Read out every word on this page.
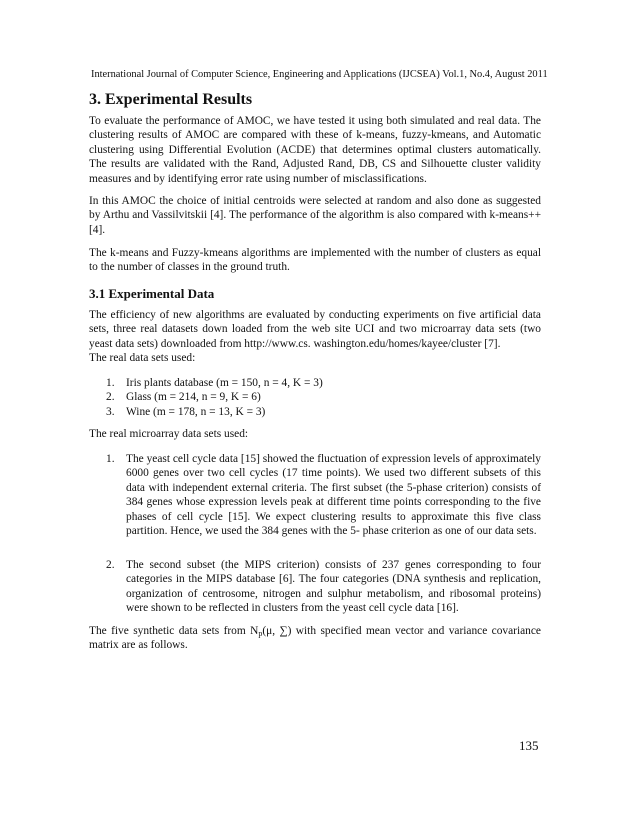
International Journal of Computer Science, Engineering and Applications (IJCSEA) Vol.1, No.4, August 2011
3. Experimental Results

To evaluate the performance of AMOC, we have tested it using both simulated and real data. The clustering results of AMOC are compared with these of k-means, fuzzy-kmeans, and Automatic clustering using Differential Evolution (ACDE) that determines optimal clusters automatically. The results are validated with the Rand, Adjusted Rand, DB, CS and Silhouette cluster validity measures and by identifying error rate using number of misclassifications.

In this AMOC the choice of initial centroids were selected at random and also done as suggested by Arthu and Vassilvitskii [4]. The performance of the algorithm is also compared with k-means++ [4].

The k-means and Fuzzy-kmeans algorithms are implemented with the number of clusters as equal to the number of classes in the ground truth.

3.1 Experimental Data

The efficiency of new algorithms are evaluated by conducting experiments on five artificial data sets, three real datasets down loaded from the web site UCI and two microarray data sets (two yeast data sets) downloaded from http://www.cs. washington.edu/homes/kayee/cluster [7].

The real data sets used:

1. Iris plants database (m = 150, n = 4, K = 3)
2. Glass (m = 214, n = 9, K = 6)
3. Wine (m = 178, n = 13, K = 3)

The real microarray data sets used:

1. The yeast cell cycle data [15] showed the fluctuation of expression levels of approximately 6000 genes over two cell cycles (17 time points). We used two different subsets of this data with independent external criteria. The first subset (the 5-phase criterion) consists of 384 genes whose expression levels peak at different time points corresponding to the five phases of cell cycle [15]. We expect clustering results to approximate this five class partition. Hence, we used the 384 genes with the 5- phase criterion as one of our data sets.
2. The second subset (the MIPS criterion) consists of 237 genes corresponding to four categories in the MIPS database [6]. The four categories (DNA synthesis and replication, organization of centrosome, nitrogen and sulphur metabolism, and ribosomal proteins) were shown to be reflected in clusters from the yeast cell cycle data [16].

The five synthetic data sets from $N_p(\mu$, ∑) with specified mean vector and variance covariance matrix are as follows.

135
